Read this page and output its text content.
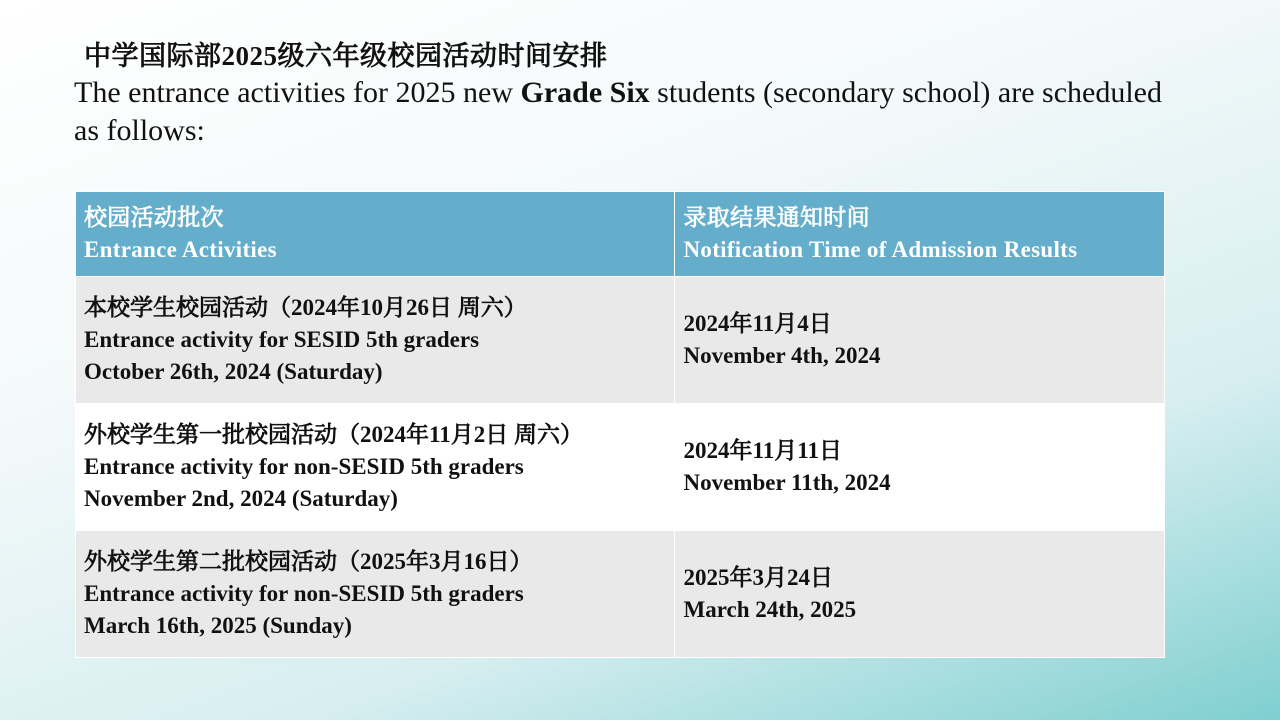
中学国际部2025级六年级校园活动时间安排
The entrance activities for 2025 new Grade Six students (secondary school) are scheduled as follows:
校园活动批次
Entrance Activities	录取结果通知时间
Notification Time of Admission Results

本校学生校园活动（2024年10月26日 周六）
Entrance activity for SESID 5th graders
October 26th, 2024 (Saturday)	2024年11月4日
November 4th, 2024

外校学生第一批校园活动（2024年11月2日 周六）
Entrance activity for non-SESID 5th graders
November 2nd, 2024 (Saturday)	2024年11月11日
November 11th, 2024

外校学生第二批校园活动（2025年3月16日）
Entrance activity for non-SESID 5th graders
March 16th, 2025 (Sunday)	2025年3月24日
March 24th, 2025
